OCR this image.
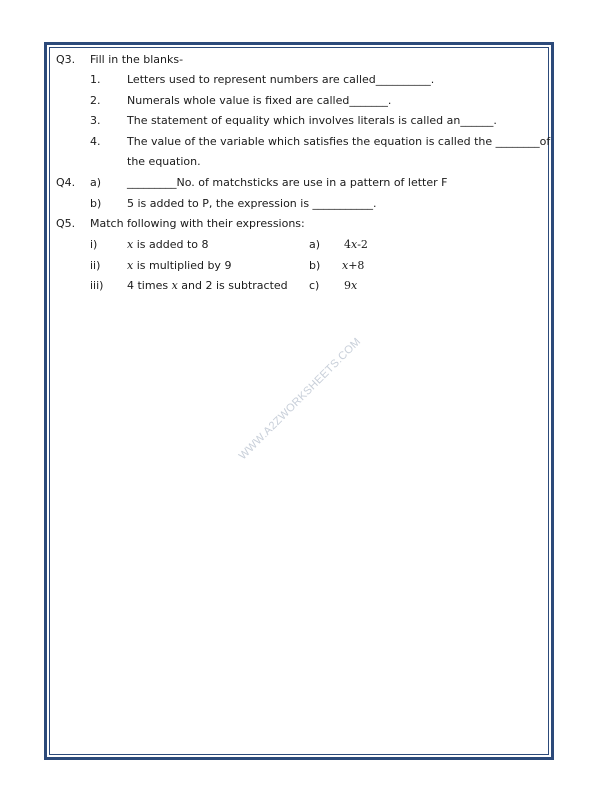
Q3. Fill in the blanks-
1. Letters used to represent numbers are called__________.
2. Numerals whole value is fixed are called_______.
3. The statement of equality which involves literals is called an______.
4. The value of the variable which satisfies the equation is called the ________of
the equation.
Q4. a) _________No. of matchsticks are use in a pattern of letter F
b) 5 is added to P, the expression is ___________.
Q5. Match following with their expressions:
i)	x is added to 8	a) 4x-2
ii) x is multiplied by 9	b) x+8
iii) 4 times x and 2 is subtracted c) 9x
WWW.A2ZWORKSHEETS.COM
